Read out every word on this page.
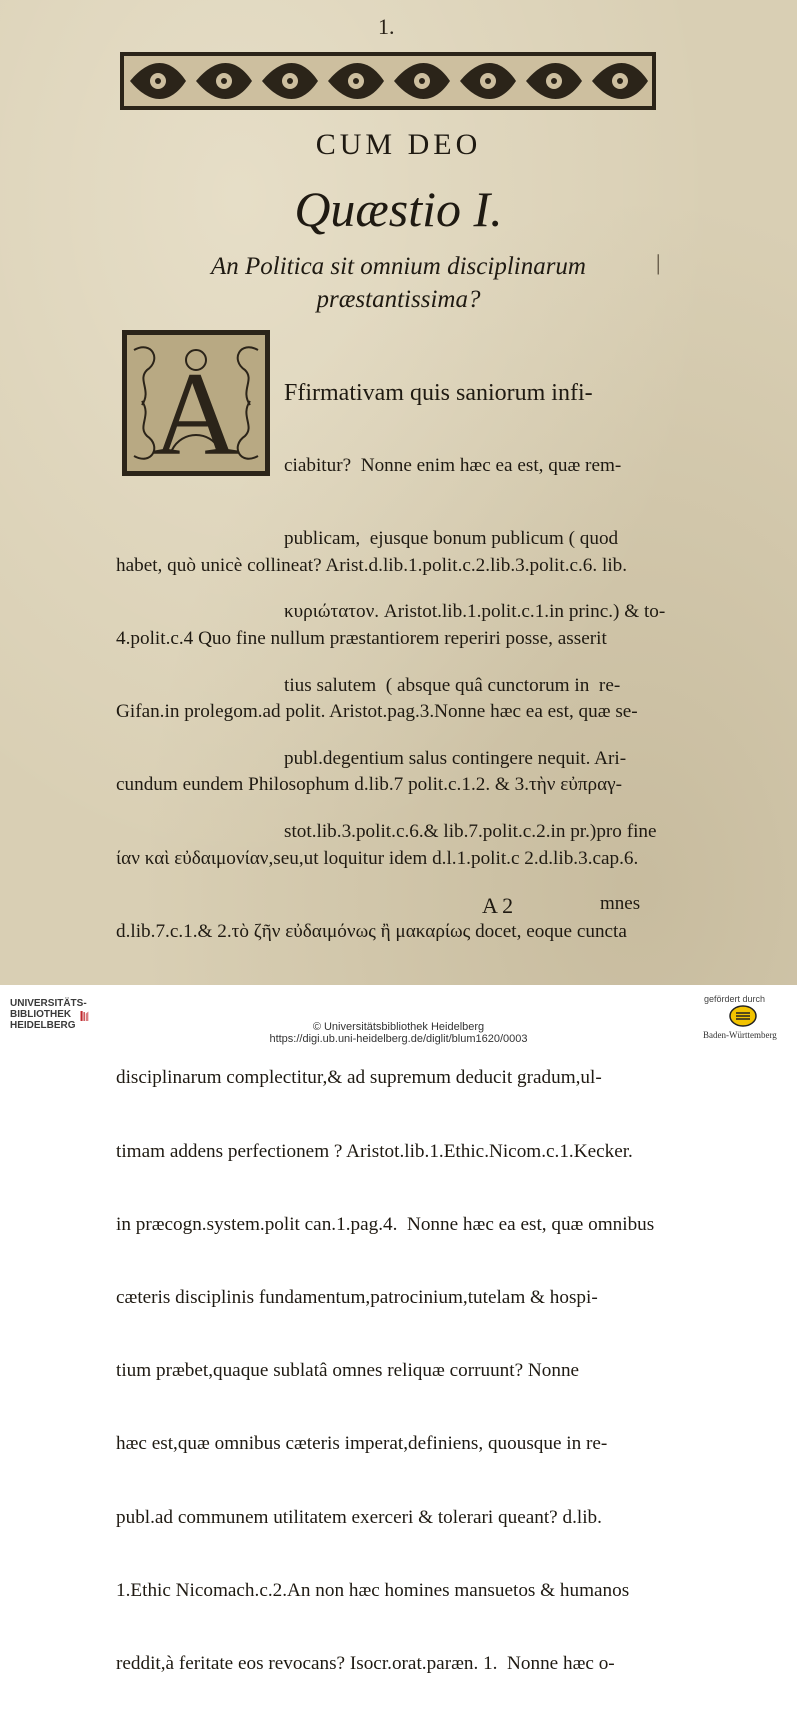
1.
CUM DEO
Quæstio I.
An Politica sit omnium disciplinarum
præstantissima?
|
A

Ffirmativam quis saniorum infi-

ciabitur?  Nonne enim hæc ea est, quæ rem-

publicam,  ejusque bonum publicum ( quod

κυριώτατον. Aristot.lib.1.polit.c.1.in princ.) & to-

tius salutem  ( absque quâ cunctorum in  re-

publ.degentium salus contingere nequit. Ari-

stot.lib.3.polit.c.6.& lib.7.polit.c.2.in pr.)pro fine

habet, quò unicè collineat? Arist.d.lib.1.polit.c.2.lib.3.polit.c.6. lib.

4.polit.c.4 Quo fine nullum præstantiorem reperiri posse, asserit

Gifan.in prolegom.ad polit. Aristot.pag.3.Nonne hæc ea est, quæ se-

cundum eundem Philosophum d.lib.7 polit.c.1.2. & 3.τὴν εὐπραγ-

ίαν καὶ εὐδαιμονίαν,seu,ut loquitur idem d.l.1.polit.c 2.d.lib.3.cap.6.

d.lib.7.c.1.& 2.τὸ ζῆν εὐδαιμόνως ἢ μακαρίως docet, eoque cuncta

disciplinarum complectitur,& ad supremum deducit gradum,ul-

timam addens perfectionem ? Aristot.lib.1.Ethic.Nicom.c.1.Kecker.

in præcogn.system.polit can.1.pag.4.  Nonne hæc ea est, quæ omnibus

cæteris disciplinis fundamentum,patrocinium,tutelam & hospi-

tium præbet,quaque sublatâ omnes reliquæ corruunt? Nonne

hæc est,quæ omnibus cæteris imperat,definiens, quousque in re-

publ.ad communem utilitatem exerceri & tolerari queant? d.lib.

1.Ethic Nicomach.c.2.An non hæc homines mansuetos & humanos

reddit,à feritate eos revocans? Isocr.orat.paræn. 1.  Nonne hæc o-

A 2	mnes
UNIVERSITÄTS-
BIBLIOTHEK
HEIDELBERG	© Universitätsbibliothek Heidelberg
https://digi.ub.uni-heidelberg.de/diglit/blum1620/0003
gefördert durch
Baden-Württemberg
